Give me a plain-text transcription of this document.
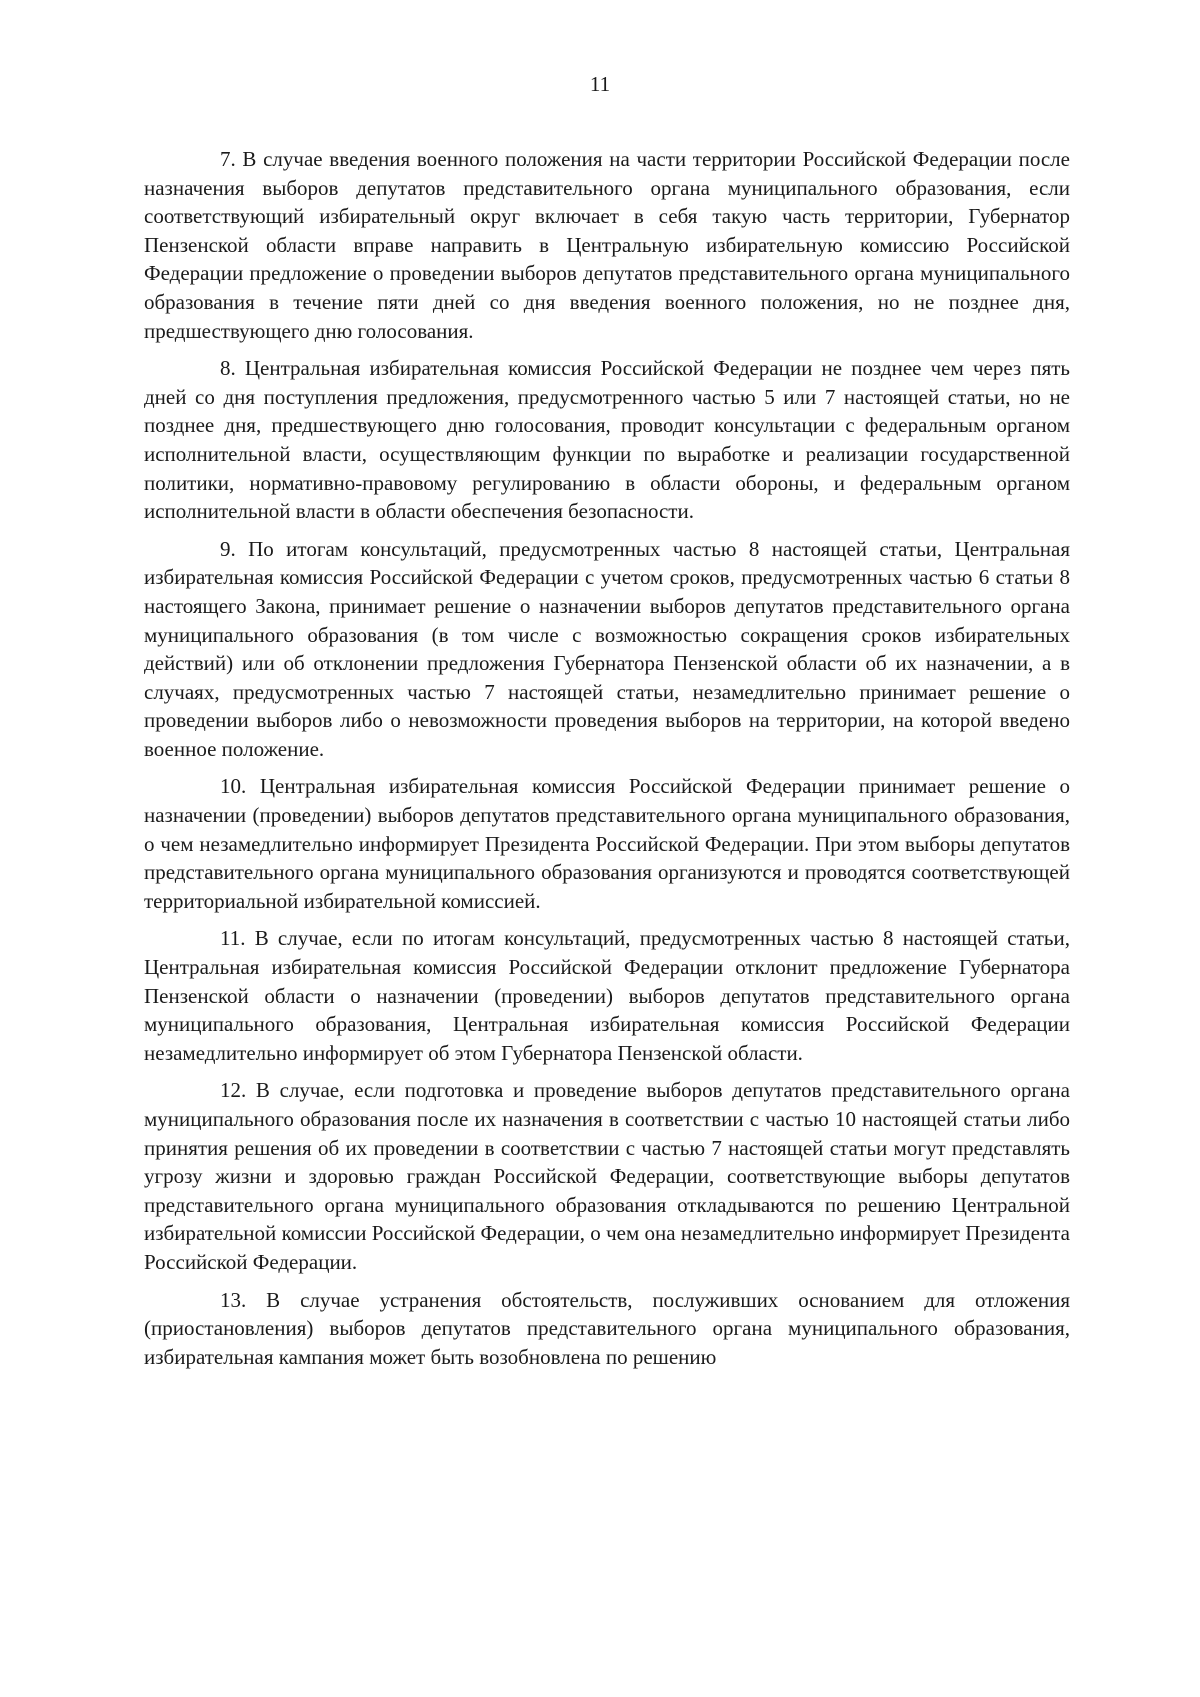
11

7. В случае введения военного положения на части территории Российской Федерации после назначения выборов депутатов представительного органа муниципального образования, если соответствующий избирательный округ включает в себя такую часть территории, Губернатор Пензенской области вправе направить в Центральную избирательную комиссию Российской Федерации предложение о проведении выборов депутатов представительного органа муниципального образования в течение пяти дней со дня введения военного положения, но не позднее дня, предшествующего дню голосования.

8. Центральная избирательная комиссия Российской Федерации не позднее чем через пять дней со дня поступления предложения, предусмотренного частью 5 или 7 настоящей статьи, но не позднее дня, предшествующего дню голосования, проводит консультации с федеральным органом исполнительной власти, осуществляющим функции по выработке и реализации государственной политики, нормативно-правовому регулированию в области обороны, и федеральным органом исполнительной власти в области обеспечения безопасности.

9. По итогам консультаций, предусмотренных частью 8 настоящей статьи, Центральная избирательная комиссия Российской Федерации с учетом сроков, предусмотренных частью 6 статьи 8 настоящего Закона, принимает решение о назначении выборов депутатов представительного органа муниципального образования (в том числе с возможностью сокращения сроков избирательных действий) или об отклонении предложения Губернатора Пензенской области об их назначении, а в случаях, предусмотренных частью 7 настоящей статьи, незамедлительно принимает решение о проведении выборов либо о невозможности проведения выборов на территории, на которой введено военное положение.

10. Центральная избирательная комиссия Российской Федерации принимает решение о назначении (проведении) выборов депутатов представительного органа муниципального образования, о чем незамедлительно информирует Президента Российской Федерации. При этом выборы депутатов представительного органа муниципального образования организуются и проводятся соответствующей территориальной избирательной комиссией.

11. В случае, если по итогам консультаций, предусмотренных частью 8 настоящей статьи, Центральная избирательная комиссия Российской Федерации отклонит предложение Губернатора Пензенской области о назначении (проведении) выборов депутатов представительного органа муниципального образования, Центральная избирательная комиссия Российской Федерации незамедлительно информирует об этом Губернатора Пензенской области.

12. В случае, если подготовка и проведение выборов депутатов представительного органа муниципального образования после их назначения в соответствии с частью 10 настоящей статьи либо принятия решения об их проведении в соответствии с частью 7 настоящей статьи могут представлять угрозу жизни и здоровью граждан Российской Федерации, соответствующие выборы депутатов представительного органа муниципального образования откладываются по решению Центральной избирательной комиссии Российской Федерации, о чем она незамедлительно информирует Президента Российской Федерации.

13. В случае устранения обстоятельств, послуживших основанием для отложения (приостановления) выборов депутатов представительного органа муниципального образования, избирательная кампания может быть возобновлена по решению
